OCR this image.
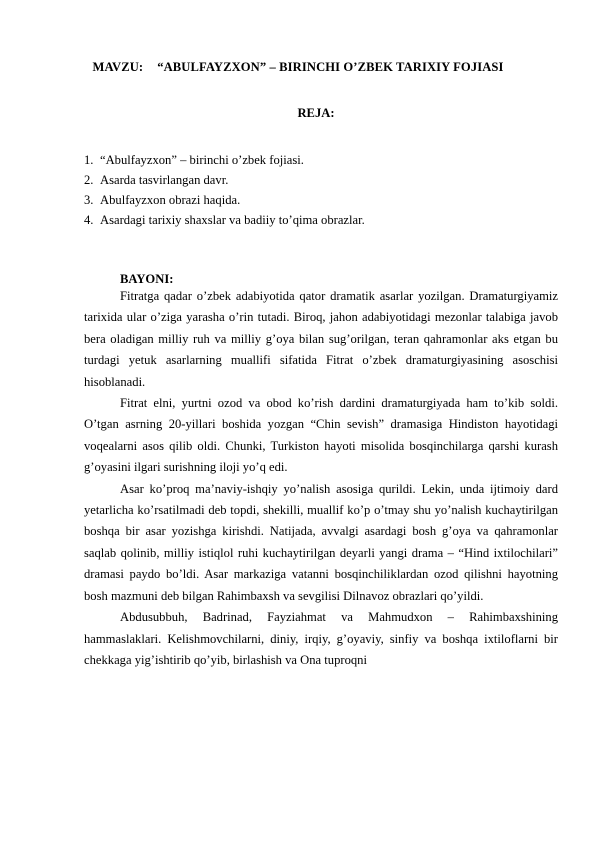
MAVZU: “ABULFAYZXON” – BIRINCHI O’ZBEK TARIXIY FOJIASI
REJA:
1. “Abulfayzxon” – birinchi o’zbek fojiasi.
2. Asarda tasvirlangan davr.
3. Abulfayzxon obrazi haqida.
4. Asardagi tarixiy shaxslar va badiiy to’qima obrazlar.
BAYONI:

Fitratga qadar o’zbek adabiyotida qator dramatik asarlar yozilgan. Dramaturgiyamiz tarixida ular o’ziga yarasha o’rin tutadi. Biroq, jahon adabiyotidagi mezonlar talabiga javob bera oladigan milliy ruh va milliy g’oya bilan sug’orilgan, teran qahramonlar aks etgan bu turdagi yetuk asarlarning muallifi sifatida Fitrat o’zbek dramaturgiyasining asoschisi hisoblanadi.

Fitrat elni, yurtni ozod va obod ko’rish dardini dramaturgiyada ham to’kib soldi. O’tgan asrning 20-yillari boshida yozgan “Chin sevish” dramasiga Hindiston hayotidagi voqealarni asos qilib oldi. Chunki, Turkiston hayoti misolida bosqinchilarga qarshi kurash g’oyasini ilgari surishning iloji yo’q edi.

Asar ko’proq ma’naviy-ishqiy yo’nalish asosiga qurildi. Lekin, unda ijtimoiy dard yetarlicha ko’rsatilmadi deb topdi, shekilli, muallif ko’p o’tmay shu yo’nalish kuchaytirilgan boshqa bir asar yozishga kirishdi. Natijada, avvalgi asardagi bosh g’oya va qahramonlar saqlab qolinib, milliy istiqlol ruhi kuchaytirilgan deyarli yangi drama – “Hind ixtilochilari” dramasi paydo bo’ldi. Asar markaziga vatanni bosqinchiliklardan ozod qilishni hayotning bosh mazmuni deb bilgan Rahimbaxsh va sevgilisi Dilnavoz obrazlari qo’yildi.

Abdusubbuh, Badrinad, Fayziahmat va Mahmudxon – Rahimbaxshining hammaslaklari. Kelishmovchilarni, diniy, irqiy, g’oyaviy, sinfiy va boshqa ixtiloflarni bir chekkaga yig’ishtirib qo’yib, birlashish va Ona tuproqni
